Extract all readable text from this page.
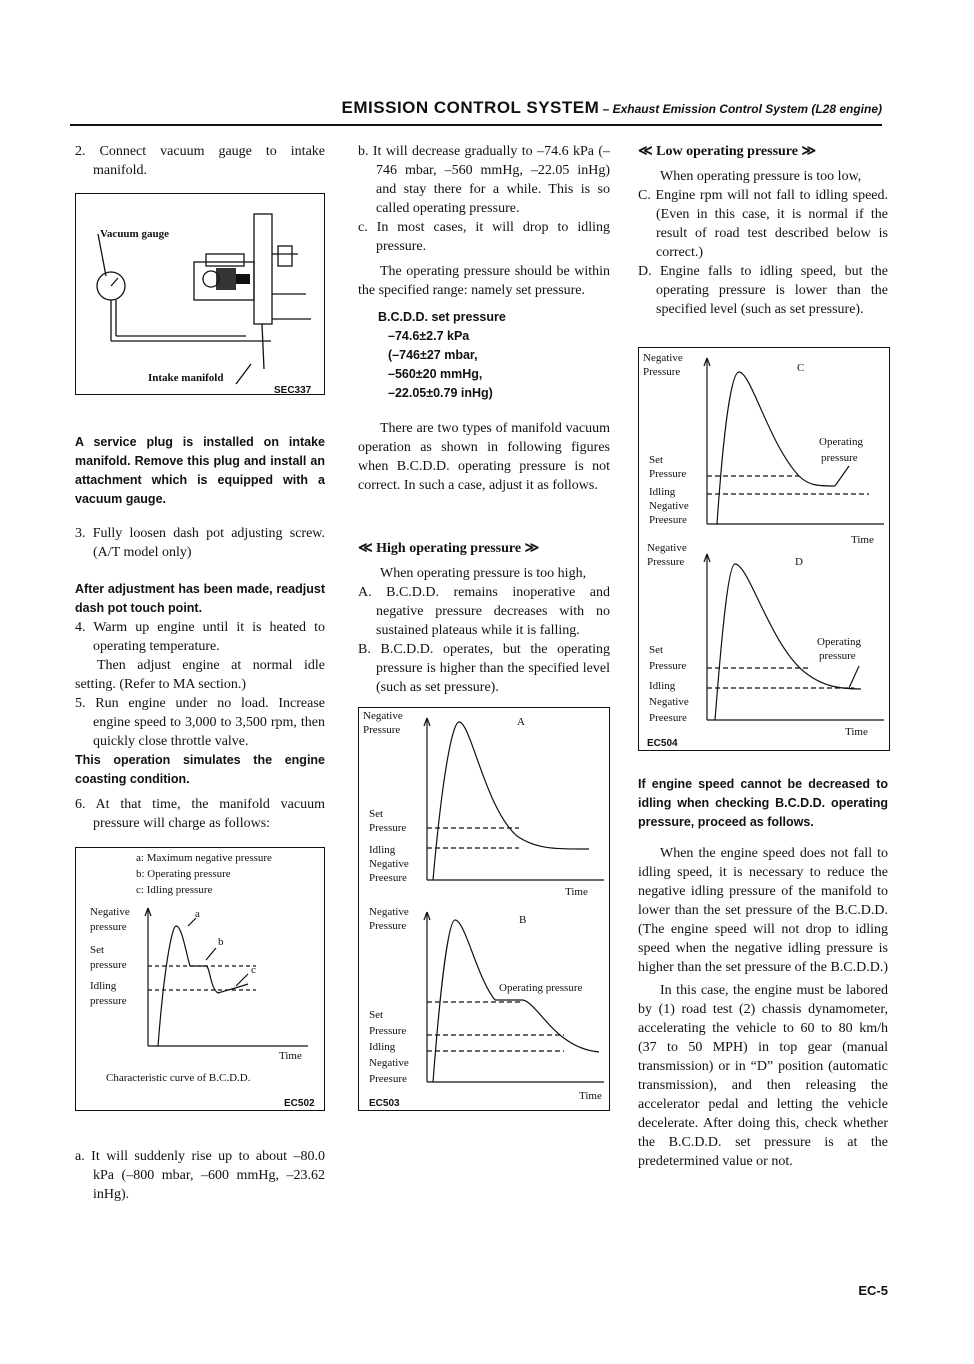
EMISSION CONTROL SYSTEM – Exhaust Emission Control System (L28 engine)

2. Connect vacuum gauge to intake manifold.

Vacuum gauge
Intake manifold
SEC337

A service plug is installed on intake manifold. Remove this plug and install an attachment which is equipped with a vacuum gauge.

3. Fully loosen dash pot adjusting screw. (A/T model only)

After adjustment has been made, readjust dash pot touch point.

4. Warm up engine until it is heated to operating temperature.

Then adjust engine at normal idle setting. (Refer to MA section.)

5. Run engine under no load. Increase engine speed to 3,000 to 3,500 rpm, then quickly close throttle valve.

This operation simulates the engine coasting condition.

6. At that time, the manifold vacuum pressure will charge as follows:

a: Maximum negative pressure
b: Operating pressure
c: Idling pressure
Negative
pressure
Set
pressure
Idling
pressure
a
b
c
Time
Characteristic curve of B.C.D.D.
EC502

a. It will suddenly rise up to about –80.0 kPa (–800 mbar, –600 mmHg, –23.62 inHg).

b. It will decrease gradually to –74.6 kPa (–746 mbar, –560 mmHg, –22.05 inHg) and stay there for a while. This is so called operating pressure.

c. In most cases, it will drop to idling pressure.

The operating pressure should be within the specified range: namely set pressure.

B.C.D.D. set pressure

–74.6±2.7 kPa

(–746±27 mbar,

–560±20 mmHg,

–22.05±0.79 inHg)

There are two types of manifold vacuum operation as shown in following figures when B.C.D.D. operating pressure is not correct. In such a case, adjust it as follows.

≪ High operating pressure ≫

When operating pressure is too high,

A. B.C.D.D. remains inoperative and negative pressure decreases with no sustained plateaus while it is falling.

B. B.C.D.D. operates, but the operating pressure is higher than the specified level (such as set pressure).

Negative
Pressure
A
Set
Pressure
Idling
Negative
Preesure
Time
Negative
Pressure	B
Operating pressure
Set
Pressure
Idling
Negative
Preesure
EC503
Time

≪ Low operating pressure ≫

When operating pressure is too low,

C. Engine rpm will not fall to idling speed. (Even in this case, it is normal if the result of road test described below is correct.)

D. Engine falls to idling speed, but the operating pressure is lower than the specified level (such as set pressure).

Negative
Pressure	C
Operating
pressure
Set
Pressure
Idling
Negative
Preesure
Time
Negative
Pressure	D
Operating
pressure
Set
Pressure
Idling
Negative
Preesure
EC504
Time

If engine speed cannot be decreased to idling when checking B.C.D.D. operating pressure, proceed as follows.

When the engine speed does not fall to idling speed, it is necessary to reduce the negative idling pressure of the manifold to lower than the set pressure of the B.C.D.D. (The engine speed will not drop to idling speed when the negative idling pressure is higher than the set pressure of the B.C.D.D.)

In this case, the engine must be labored by (1) road test (2) chassis dynamometer, accelerating the vehicle to 60 to 80 km/h (37 to 50 MPH) in top gear (manual transmission) or in “D” position (automatic transmission), and then releasing the accelerator pedal and letting the vehicle decelerate. After doing this, check whether the B.C.D.D. set pressure is at the predetermined value or not.

EC-5
